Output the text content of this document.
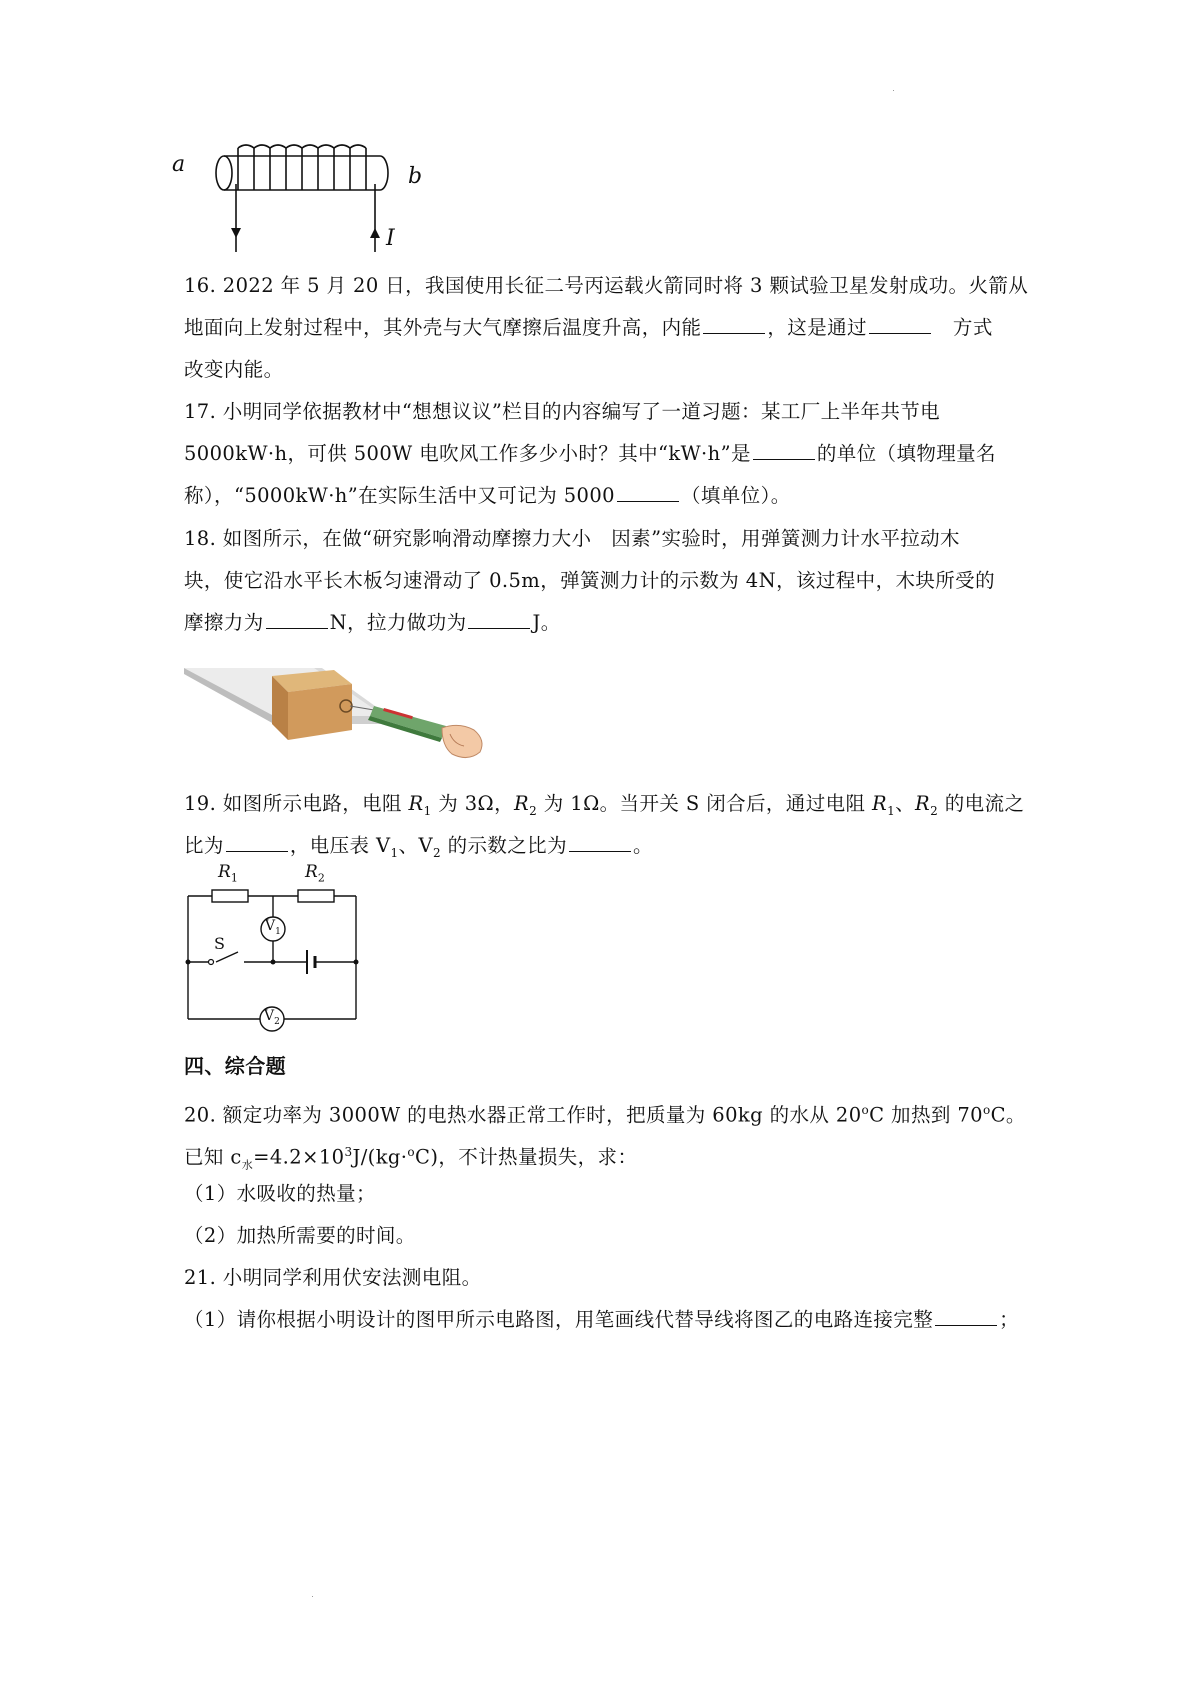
a	b
I
16. 2022 年 5 月 20 日，我国使用长征二号丙运载火箭同时将 3 颗试验卫星发射成功。火箭从
地面向上发射过程中，其外壳与大气摩擦后温度升高，内能	，这是通过	方式
改变内能。
17. 小明同学依据教材中“想想议议”栏目的内容编写了一道习题：某工厂上半年共节电
5000kW·h，可供 500W 电吹风工作多少小时？其中“kW·h”是	的单位（填物理量名
称），“5000kW·h”在实际生活中又可记为 5000	（填单位）。
18. 如图所示，在做“研究影响滑动摩擦力大小　因素”实验时，用弹簧测力计水平拉动木
块，使它沿水平长木板匀速滑动了 0.5m，弹簧测力计的示数为 4N，该过程中，木块所受的
摩擦力为	N，拉力做功为	J。
19. 如图所示电路，电阻 $R_1$ 为 3Ω，$R_2$ 为 1Ω。当开关 S 闭合后，通过电阻 $R_1$、$R_2$ 的电流之
比为	，电压表 $V_1$、$V_2$ 的示数之比为	。
$R_1$	$R_2$
S
$V_1$
$V_2$
四、综合题
20. 额定功率为 3000W 的电热水器正常工作时，把质量为 60kg 的水从 20$^o$C 加热到 70$^o$C。
已知 $c_水=4.2\times 10^3J/(kg\cdot^oC)$，不计热量损失，求：
（1）水吸收的热量；
（2）加热所需要的时间。
21. 小明同学利用伏安法测电阻。
（1）请你根据小明设计的图甲所示电路图，用笔画线代替导线将图乙的电路连接完整	；
